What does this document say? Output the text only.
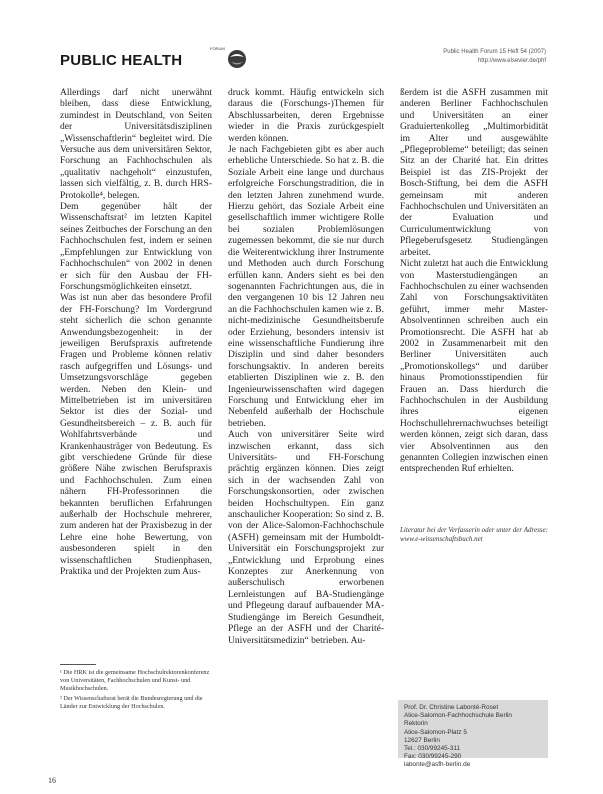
PUBLIC HEALTH
FORUM
Public Health Forum 15 Heft 54 (2007)
http://www.elsevier.de/phf

Allerdings darf nicht unerwähnt bleiben, dass diese Entwicklung, zumindest in Deutschland, von Seiten der Universitätsdisziplinen „Wissenschaftlerin“ begleitet wird. Die Versuche aus dem universitären Sektor, Forschung an Fachhochschulen als „qualitativ nachgeholt“ einzustufen, lassen sich vielfältig, z. B. durch HRS-Protokolle⁴, belegen.

Dem gegenüber hält der Wissenschaftsrat² im letzten Kapitel seines Zeitbuches der Forschung an den Fachhochschulen fest, indem er seinen „Empfehlungen zur Entwicklung von Fachhochschulen“ von 2002 in denen er sich für den Ausbau der FH-Forschungsmöglichkeiten einsetzt.

Was ist nun aber das besondere Profil der FH-Forschung? Im Vordergrund steht sicherlich die schon genannte Anwendungsbezogenheit: in der jeweiligen Berufspraxis auftretende Fragen und Probleme können relativ rasch aufgegriffen und Lösungs- und Umsetzungsvorschläge gegeben werden. Neben den Klein- und Mittelbetrieben ist im universitären Sektor ist dies der Sozial- und Gesundheitsbereich – z. B. auch für Wohlfahrtsverbände und Krankenhausträger von Bedeutung. Es gibt verschiedene Gründe für diese größere Nähe zwischen Berufspraxis und Fachhochschulen. Zum einen nähern FH-Professorinnen die bekannten beruflichen Erfahrungen außerhalb der Hochschule mehrerer, zum anderen hat der Praxisbezug in der Lehre eine hohe Bewertung, von ausbesonderen spielt in den wissenschaftlichen Studienphasen, Praktika und der Projekten zum Aus-

druck kommt. Häufig entwickeln sich daraus die (Forschungs-)Themen für Abschlussarbeiten, deren Ergebnisse wieder in die Praxis zurückgespielt werden können.

Je nach Fachgebieten gibt es aber auch erhebliche Unterschiede. So hat z. B. die Soziale Arbeit eine lange und durchaus erfolgreiche Forschungstradition, die in den letzten Jahren zunehmend wurde. Hierzu gehört, das Soziale Arbeit eine gesellschaftlich immer wichtigere Rolle bei sozialen Problemlösungen zugemessen bekommt, die sie nur durch die Weiterentwicklung ihrer Instrumente und Methoden auch durch Forschung erfüllen kann. Anders sieht es bei den sogenannten Fachrichtungen aus, die in den vergangenen 10 bis 12 Jahren neu an die Fachhochschulen kamen wie z. B. nicht-medizinische Gesundheitsberufe oder Erziehung, besonders intensiv ist eine wissenschaftliche Fundierung ihre Disziplin und sind daher besonders forschungsaktiv. In anderen bereits etablierten Disziplinen wie z. B. den Ingenieurwissenschaften wird dagegen Forschung und Entwicklung eher im Nebenfeld außerhalb der Hochschule betrieben.

Auch von universitärer Seite wird inzwischen erkannt, dass sich Universitäts- und FH-Forschung prächtig ergänzen können. Dies zeigt sich in der wachsenden Zahl von Forschungskonsortien, oder zwischen beiden Hochschultypen. Ein ganz anschaulicher Kooperation: So sind z. B. von der Alice-Salomon-Fachhochschule (ASFH) gemeinsam mit der Humboldt-Universität ein Forschungsprojekt zur „Entwicklung und Erprobung eines Konzeptes zur Anerkennung von außerschulisch erworbenen Lernleistungen auf BA-Studiengänge und Pflegeung darauf aufbauender MA-Studiengänge im Bereich Gesundheit, Pflege an der ASFH und der Charité-Universitätsmedizin“ betrieben. Au-

ßerdem ist die ASFH zusammen mit anderen Berliner Fachhochschulen und Universitäten an einer Graduiertenkolleg „Multimorbidität im Alter und ausgewählte „Pflegeprobleme“ beteiligt; das seinen Sitz an der Charité hat. Ein drittes Beispiel ist das ZIS-Projekt der Bosch-Stiftung, bei dem die ASFH gemeinsam mit anderen Fachhochschulen und Universitäten an der Evaluation und Curriculumentwicklung von Pflegeberufsgesetz Studiengängen arbeitet.

Nicht zuletzt hat auch die Entwicklung von Masterstudiengängen an Fachhochschulen zu einer wachsenden Zahl von Forschungsaktivitäten geführt, immer mehr Master-Absolventinnen schreiben auch ein Promotionsrecht. Die ASFH hat ab 2002 in Zusammenarbeit mit den Berliner Universitäten auch „Promotionskollegs“ und darüber hinaus Promotionsstipendien für Frauen an. Dass hierdurch die Fachhochschulen in der Ausbildung ihres eigenen Hochschullehrernachwuchses beteiligt werden können, zeigt sich daran, dass vier Absolventinnen aus den genannten Collegien inzwischen einen entsprechenden Ruf erhielten.

Literatur bei der Verfasserin oder unter der Adresse:

www.e-wissenschaftsbuch.net

¹ Die HRK ist die gemeinsame Hochschulrektorenkonferenz von Universitäten, Fachhochschulen und Kunst- und Musikhochschulen.

² Der Wissenschaftsrat berät die Bundesregierung und die Länder zur Entwicklung der Hochschulen.	Prof. Dr. Christine Labonté-Roset
Alice-Salomon-Fachhochschule Berlin
Rektorin
Alice-Salomon-Platz 5
12627 Berlin
Tel.: 030/99245-311
Fax: 030/99245-290
labonte@asfh-berlin.de
16
